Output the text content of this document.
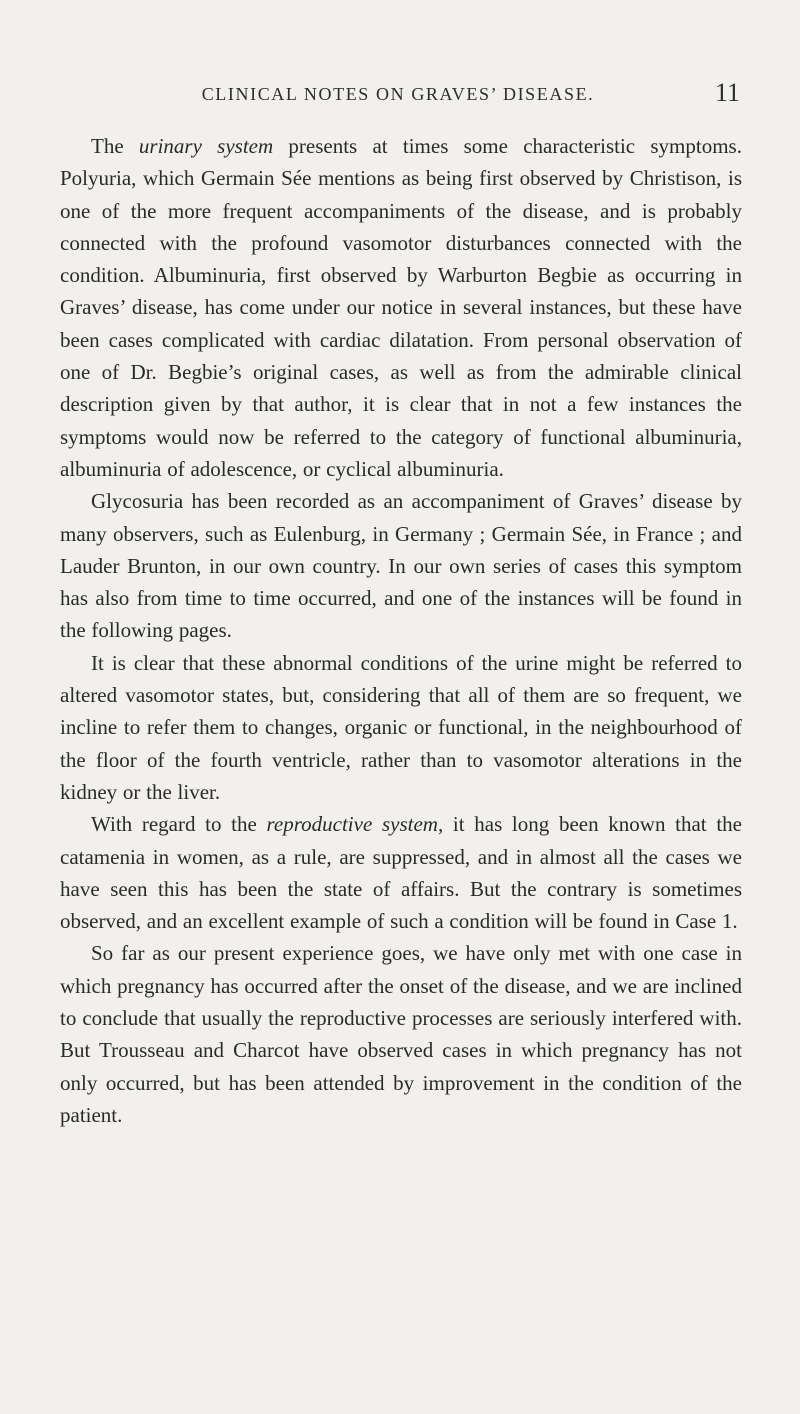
CLINICAL NOTES ON GRAVES’ DISEASE.	11

The urinary system presents at times some characteristic symptoms. Polyuria, which Germain Sée mentions as being first observed by Christison, is one of the more frequent accompaniments of the disease, and is probably connected with the profound vasomotor disturbances connected with the condition. Albuminuria, first observed by Warburton Begbie as occurring in Graves’ disease, has come under our notice in several instances, but these have been cases complicated with cardiac dilatation. From personal observation of one of Dr. Begbie’s original cases, as well as from the admirable clinical description given by that author, it is clear that in not a few instances the symptoms would now be referred to the category of functional albuminuria, albuminuria of adolescence, or cyclical albuminuria.

Glycosuria has been recorded as an accompaniment of Graves’ disease by many observers, such as Eulenburg, in Germany ; Germain Sée, in France ; and Lauder Brunton, in our own country. In our own series of cases this symptom has also from time to time occurred, and one of the instances will be found in the following pages.

It is clear that these abnormal conditions of the urine might be referred to altered vasomotor states, but, considering that all of them are so frequent, we incline to refer them to changes, organic or functional, in the neighbourhood of the floor of the fourth ventricle, rather than to vasomotor alterations in the kidney or the liver.

With regard to the reproductive system, it has long been known that the catamenia in women, as a rule, are suppressed, and in almost all the cases we have seen this has been the state of affairs. But the contrary is sometimes observed, and an excellent example of such a condition will be found in Case 1.

So far as our present experience goes, we have only met with one case in which pregnancy has occurred after the onset of the disease, and we are inclined to conclude that usually the reproductive processes are seriously interfered with. But Trousseau and Charcot have observed cases in which pregnancy has not only occurred, but has been attended by improvement in the condition of the patient.
